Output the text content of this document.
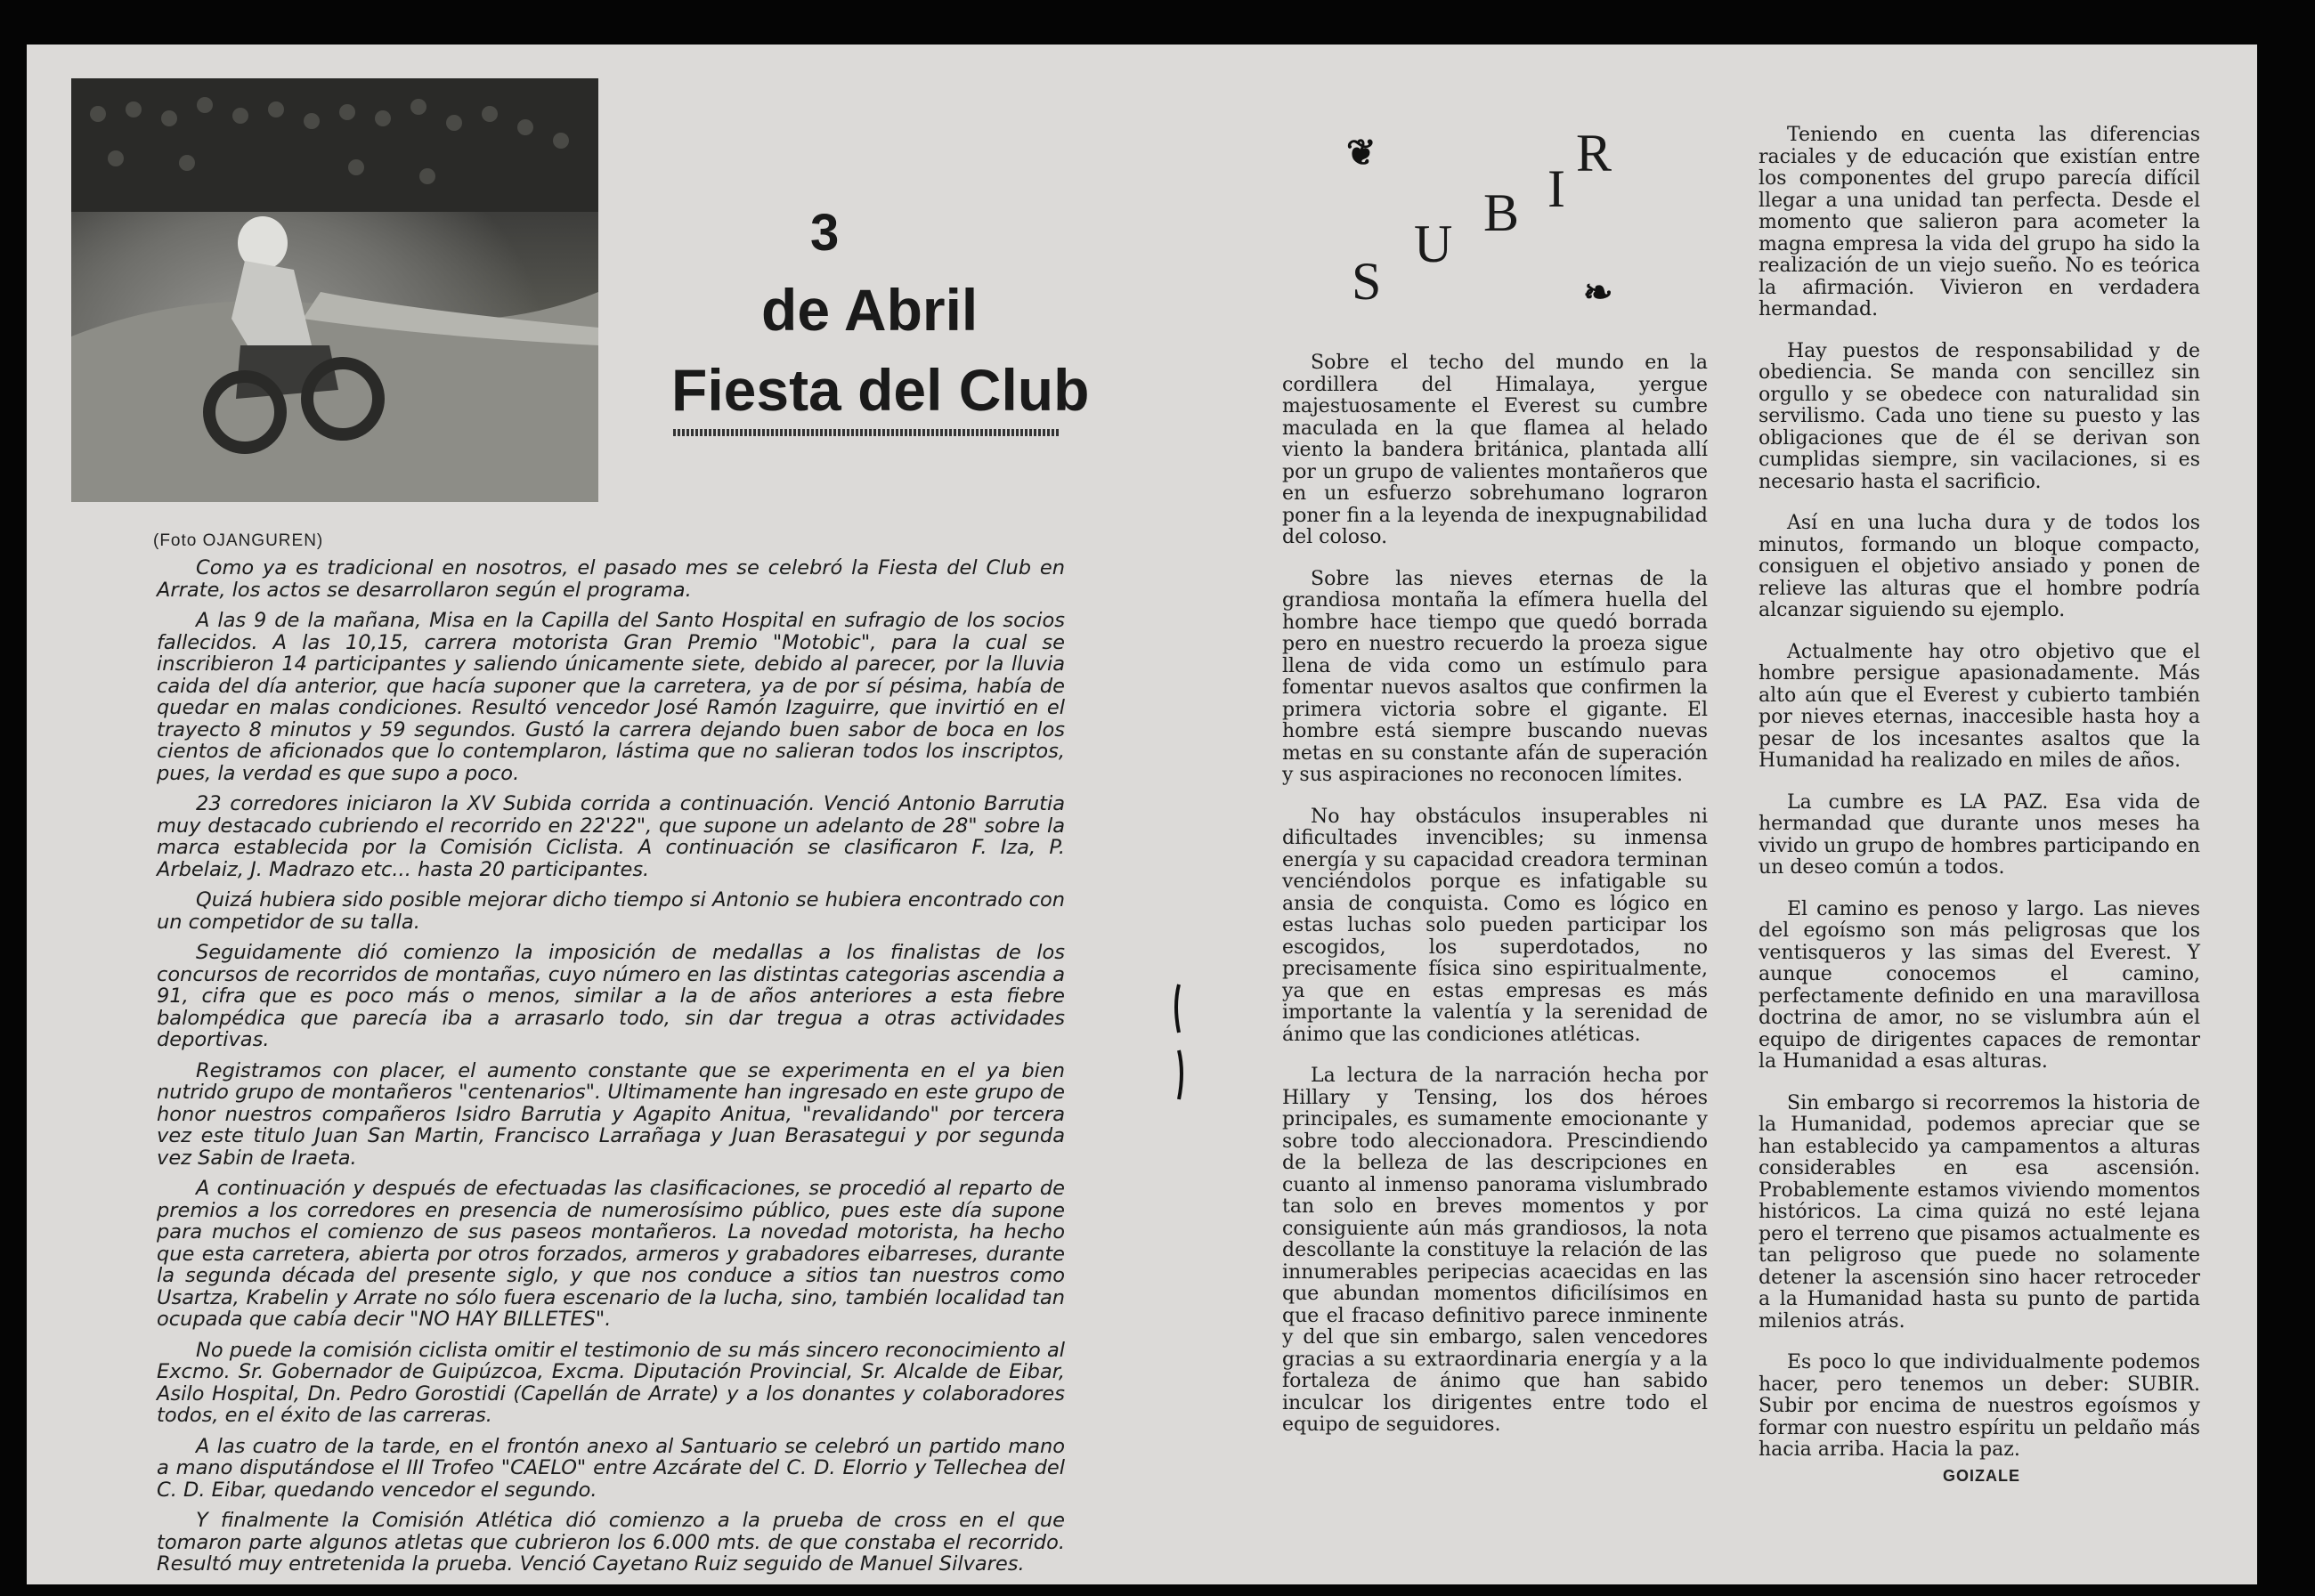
(Foto OJANGUREN)
3
de Abril
Fiesta del Club

Como ya es tradicional en nosotros, el pasado mes se celebró la Fiesta del Club en Arrate, los actos se desarrollaron según el programa.

A las 9 de la mañana, Misa en la Capilla del Santo Hospital en sufragio de los socios fallecidos. A las 10,15, carrera motorista Gran Premio "Motobic", para la cual se inscribieron 14 participantes y saliendo únicamente siete, debido al parecer, por la lluvia caida del día anterior, que hacía suponer que la carretera, ya de por sí pésima, había de quedar en malas condiciones. Resultó vencedor José Ramón Izaguirre, que invirtió en el trayecto 8 minutos y 59 segundos. Gustó la carrera dejando buen sabor de boca en los cientos de aficionados que lo contemplaron, lástima que no salieran todos los inscriptos, pues, la verdad es que supo a poco.

23 corredores iniciaron la XV Subida corrida a continuación. Venció Antonio Barrutia muy destacado cubriendo el recorrido en 22'22", que supone un adelanto de 28" sobre la marca establecida por la Comisión Ciclista. A continuación se clasificaron F. Iza, P. Arbelaiz, J. Madrazo etc... hasta 20 participantes.

Quizá hubiera sido posible mejorar dicho tiempo si Antonio se hubiera encontrado con un competidor de su talla.

Seguidamente dió comienzo la imposición de medallas a los finalistas de los concursos de recorridos de montañas, cuyo número en las distintas categorias ascendia a 91, cifra que es poco más o menos, similar a la de años anteriores a esta fiebre balompédica que parecía iba a arrasarlo todo, sin dar tregua a otras actividades deportivas.

Registramos con placer, el aumento constante que se experimenta en el ya bien nutrido grupo de montañeros "centenarios". Ultimamente han ingresado en este grupo de honor nuestros compañeros Isidro Barrutia y Agapito Anitua, "revalidando" por tercera vez este titulo Juan San Martin, Francisco Larrañaga y Juan Berasategui y por segunda vez Sabin de Iraeta.

A continuación y después de efectuadas las clasificaciones, se procedió al reparto de premios a los corredores en presencia de numerosísimo público, pues este día supone para muchos el comienzo de sus paseos montañeros. La novedad motorista, ha hecho que esta carretera, abierta por otros forzados, armeros y grabadores eibarreses, durante la segunda década del presente siglo, y que nos conduce a sitios tan nuestros como Usartza, Krabelin y Arrate no sólo fuera escenario de la lucha, sino, también localidad tan ocupada que cabía decir "NO HAY BILLETES".

No puede la comisión ciclista omitir el testimonio de su más sincero reconocimiento al Excmo. Sr. Gobernador de Guipúzcoa, Excma. Diputación Provincial, Sr. Alcalde de Eibar, Asilo Hospital, Dn. Pedro Gorostidi (Capellán de Arrate) y a los donantes y colaboradores todos, en el éxito de las carreras.

A las cuatro de la tarde, en el frontón anexo al Santuario se celebró un partido mano a mano disputándose el III Trofeo "CAELO" entre Azcárate del C. D. Elorrio y Tellechea del C. D. Eibar, quedando vencedor el segundo.

Y finalmente la Comisión Atlética dió comienzo a la prueba de cross en el que tomaron parte algunos atletas que cubrieron los 6.000 mts. de que constaba el recorrido. Resultó muy entretenida la prueba. Venció Cayetano Ruiz seguido de Manuel Silvares.

❦
S
U
B I
R
❧

Sobre el techo del mundo en la cordillera del Himalaya, yergue majestuosamente el Everest su cumbre maculada en la que flamea al helado viento la bandera británica, plantada allí por un grupo de valientes montañeros que en un esfuerzo sobrehumano lograron poner fin a la leyenda de inexpugnabilidad del coloso.

Sobre las nieves eternas de la grandiosa montaña la efímera huella del hombre hace tiempo que quedó borrada pero en nuestro recuerdo la proeza sigue llena de vida como un estímulo para fomentar nuevos asaltos que confirmen la primera victoria sobre el gigante. El hombre está siempre buscando nuevas metas en su constante afán de superación y sus aspiraciones no reconocen límites.

No hay obstáculos insuperables ni dificultades invencibles; su inmensa energía y su capacidad creadora terminan venciéndolos porque es infatigable su ansia de conquista. Como es lógico en estas luchas solo pueden participar los escogidos, los superdotados, no precisamente física sino espiritualmente, ya que en estas empresas es más importante la valentía y la serenidad de ánimo que las condiciones atléticas.

La lectura de la narración hecha por Hillary y Tensing, los dos héroes principales, es sumamente emocionante y sobre todo aleccionadora. Prescindiendo de la belleza de las descripciones en cuanto al inmenso panorama vislumbrado tan solo en breves momentos y por consiguiente aún más grandiosos, la nota descollante la constituye la relación de las innumerables peripecias acaecidas en las que abundan momentos dificilísimos en que el fracaso definitivo parece inminente y del que sin embargo, salen vencedores gracias a su extraordinaria energía y a la fortaleza de ánimo que han sabido inculcar los dirigentes entre todo el equipo de seguidores.

Teniendo en cuenta las diferencias raciales y de educación que existían entre los componentes del grupo parecía difícil llegar a una unidad tan perfecta. Desde el momento que salieron para acometer la magna empresa la vida del grupo ha sido la realización de un viejo sueño. No es teórica la afirmación. Vivieron en verdadera hermandad.

Hay puestos de responsabilidad y de obediencia. Se manda con sencillez sin orgullo y se obedece con naturalidad sin servilismo. Cada uno tiene su puesto y las obligaciones que de él se derivan son cumplidas siempre, sin vacilaciones, si es necesario hasta el sacrificio.

Así en una lucha dura y de todos los minutos, formando un bloque compacto, consiguen el objetivo ansiado y ponen de relieve las alturas que el hombre podría alcanzar siguiendo su ejemplo.

Actualmente hay otro objetivo que el hombre persigue apasionadamente. Más alto aún que el Everest y cubierto también por nieves eternas, inaccesible hasta hoy a pesar de los incesantes asaltos que la Humanidad ha realizado en miles de años.

La cumbre es LA PAZ. Esa vida de hermandad que durante unos meses ha vivido un grupo de hombres participando en un deseo común a todos.

El camino es penoso y largo. Las nieves del egoísmo son más peligrosas que los ventisqueros y las simas del Everest. Y aunque conocemos el camino, perfectamente definido en una maravillosa doctrina de amor, no se vislumbra aún el equipo de dirigentes capaces de remontar la Humanidad a esas alturas.

Sin embargo si recorremos la historia de la Humanidad, podemos apreciar que se han establecido ya campamentos a alturas considerables en esa ascensión. Probablemente estamos viviendo momentos históricos. La cima quizá no esté lejana pero el terreno que pisamos actualmente es tan peligroso que puede no solamente detener la ascensión sino hacer retroceder a la Humanidad hasta su punto de partida milenios atrás.

Es poco lo que individualmente podemos hacer, pero tenemos un deber: SUBIR. Subir por encima de nuestros egoísmos y formar con nuestro espíritu un peldaño más hacia arriba. Hacia la paz.

GOIZALE
